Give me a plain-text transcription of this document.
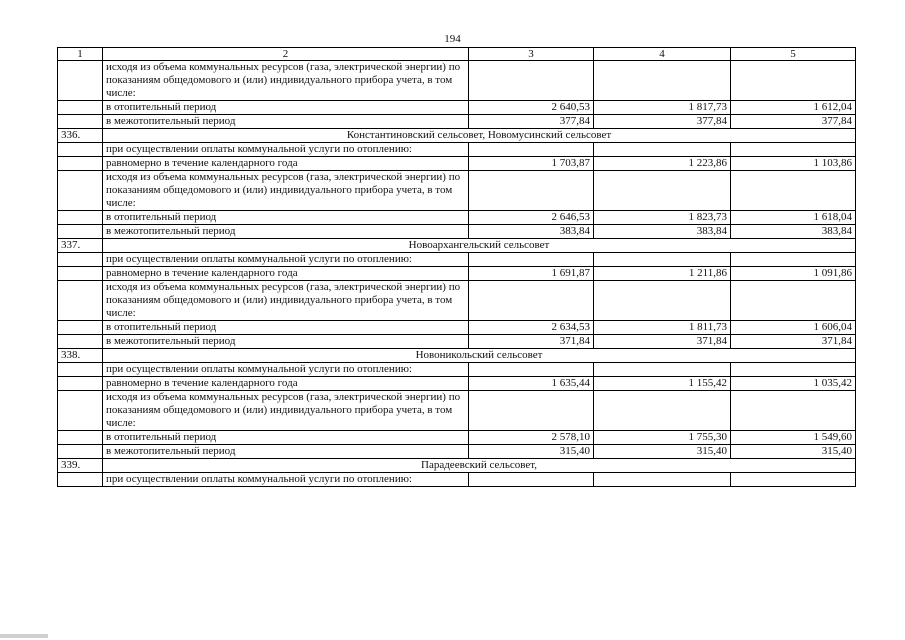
194
1	2	3	4	5
	исходя из объема коммунальных ресурсов (газа, электрической энергии) по показаниям общедомового и (или) индивидуального прибора учета, в том числе:			
	в отопительный период	2 640,53	1 817,73	1 612,04
	в межотопительный период	377,84	377,84	377,84
336.	Константиновский сельсовет, Новомусинский сельсовет			
	при осуществлении оплаты коммунальной услуги по отоплению:			
	равномерно в течение календарного года	1 703,87	1 223,86	1 103,86
	исходя из объема коммунальных ресурсов (газа, электрической энергии) по показаниям общедомового и (или) индивидуального прибора учета, в том числе:			
	в отопительный период	2 646,53	1 823,73	1 618,04
	в межотопительный период	383,84	383,84	383,84
337.	Новоархангельский сельсовет			
	при осуществлении оплаты коммунальной услуги по отоплению:			
	равномерно в течение календарного года	1 691,87	1 211,86	1 091,86
	исходя из объема коммунальных ресурсов (газа, электрической энергии) по показаниям общедомового и (или) индивидуального прибора учета, в том числе:			
	в отопительный период	2 634,53	1 811,73	1 606,04
	в межотопительный период	371,84	371,84	371,84
338.	Новоникольский сельсовет			
	при осуществлении оплаты коммунальной услуги по отоплению:			
	равномерно в течение календарного года	1 635,44	1 155,42	1 035,42
	исходя из объема коммунальных ресурсов (газа, электрической энергии) по показаниям общедомового и (или) индивидуального прибора учета, в том числе:			
	в отопительный период	2 578,10	1 755,30	1 549,60
	в межотопительный период	315,40	315,40	315,40
339.	Парадеевский сельсовет,			
	при осуществлении оплаты коммунальной услуги по отоплению:			
